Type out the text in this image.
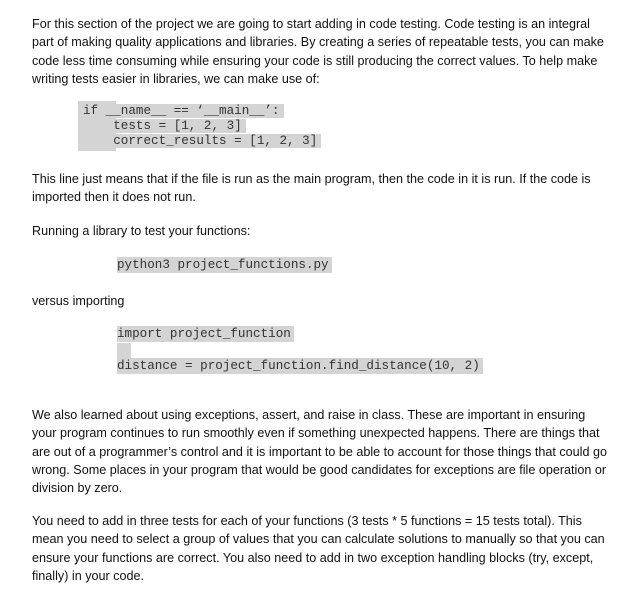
For this section of the project we are going to start adding in code testing. Code testing is an integral part of making quality applications and libraries. By creating a series of repeatable tests, you can make code less time consuming while ensuring your code is still producing the correct values. To help make writing tests easier in libraries, we can make use of:

if __name__ == ‘__main__’:
tests = [1, 2, 3]
correct_results = [1, 2, 3]

This line just means that if the file is run as the main program, then the code in it is run. If the code is imported then it does not run.

Running a library to test your functions:

python3 project_functions.py

versus importing

import project_function
distance = project_function.find_distance(10, 2)

We also learned about using exceptions, assert, and raise in class. These are important in ensuring your program continues to run smoothly even if something unexpected happens. There are things that are out of a programmer’s control and it is important to be able to account for those things that could go wrong. Some places in your program that would be good candidates for exceptions are file operation or division by zero.

You need to add in three tests for each of your functions (3 tests * 5 functions = 15 tests total). This mean you need to select a group of values that you can calculate solutions to manually so that you can ensure your functions are correct. You also need to add in two exception handling blocks (try, except, finally) in your code.
